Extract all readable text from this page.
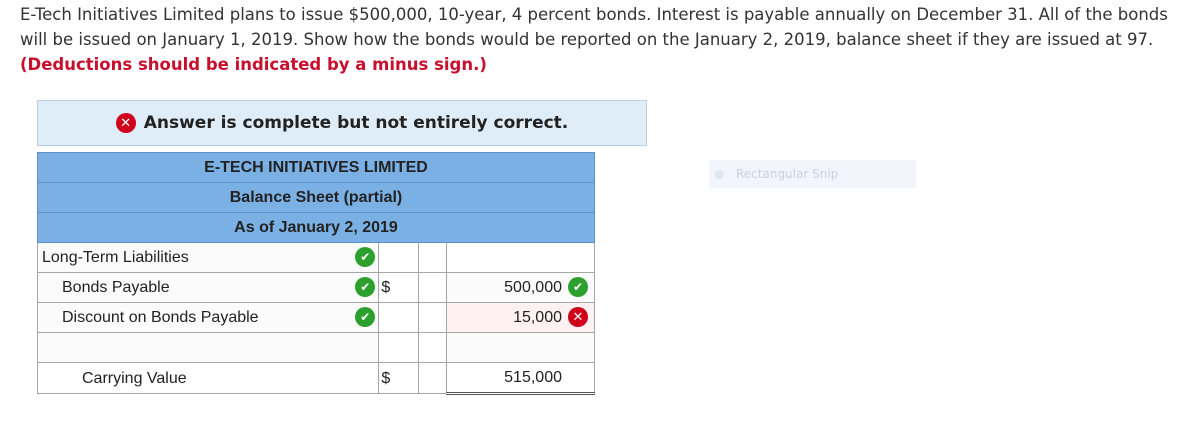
E-Tech Initiatives Limited plans to issue $500,000, 10-year, 4 percent bonds. Interest is payable annually on December 31. All of the bonds will be issued on January 1, 2019. Show how the bonds would be reported on the January 2, 2019, balance sheet if they are issued at 97. (Deductions should be indicated by a minus sign.)
✕ Answer is complete but not entirely correct.
E-TECH INITIATIVES LIMITED			
Balance Sheet (partial)			
As of January 2, 2019			

Long-Term Liabilities ✔			

Bonds Payable ✔	$		500,000 ✔

Discount on Bonds Payable ✔			15,000 ✕

Carrying Value	$		515,000
Rectangular Snip
